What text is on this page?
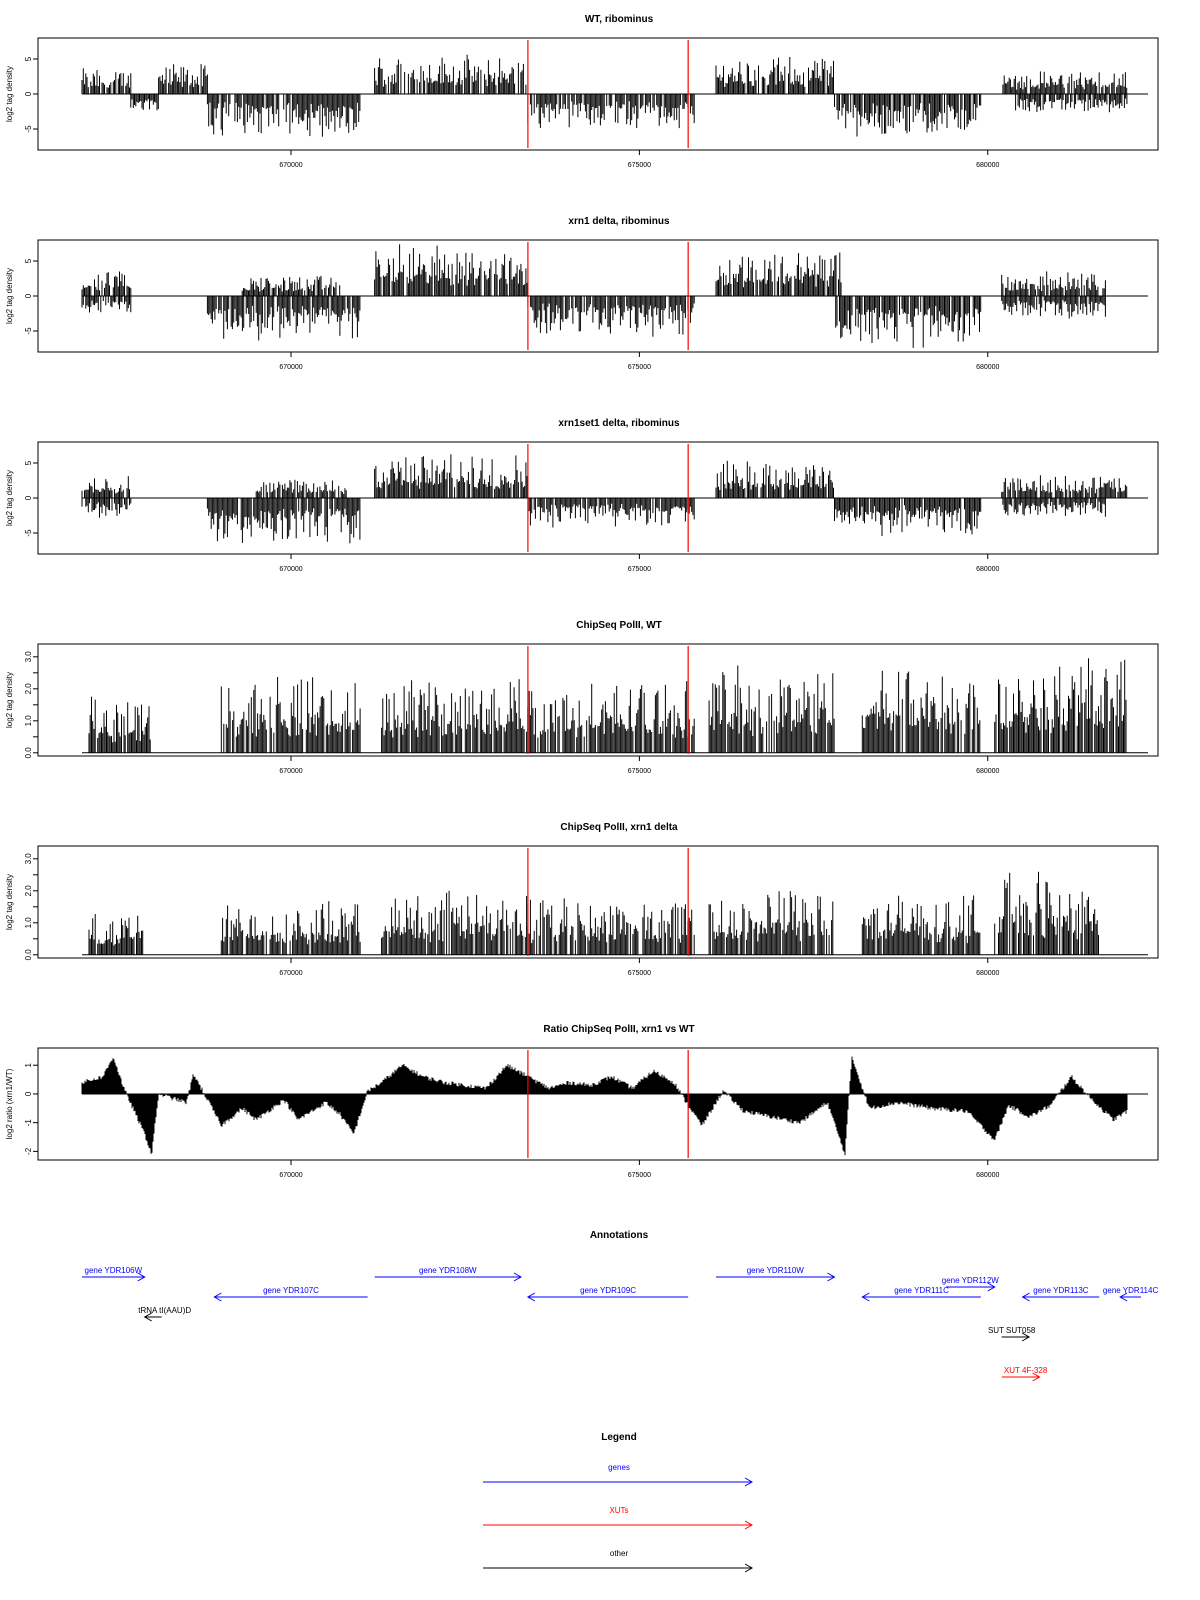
WT, ribominus
-5
0
5
log2 tag density
670000	675000	680000
xrn1 delta, ribominus
-5
0
5
log2 tag density
670000	675000	680000
xrn1set1 delta, ribominus
-5
0
5
log2 tag density
670000	675000	680000
ChipSeq PolII, WT
0.0
1.0
2.0
3.0
log2 tag density
670000	675000	680000
ChipSeq PolII, xrn1 delta
0.0
1.0
2.0
3.0
log2 tag density
670000	675000	680000
Ratio ChipSeq PolII, xrn1 vs WT
-2
-1
0
1
log2 ratio (xrn1/WT)
670000	675000	680000
Annotations
gene YDR106W
gene YDR107C
gene YDR108W
gene YDR109C
gene YDR110W
gene YDR111C
gene YDR112W
gene YDR113C gene YDR114C
tRNA tI(AAU)D
SUT SUT058
XUT 4F-328
Legend
genes
XUTs
other
